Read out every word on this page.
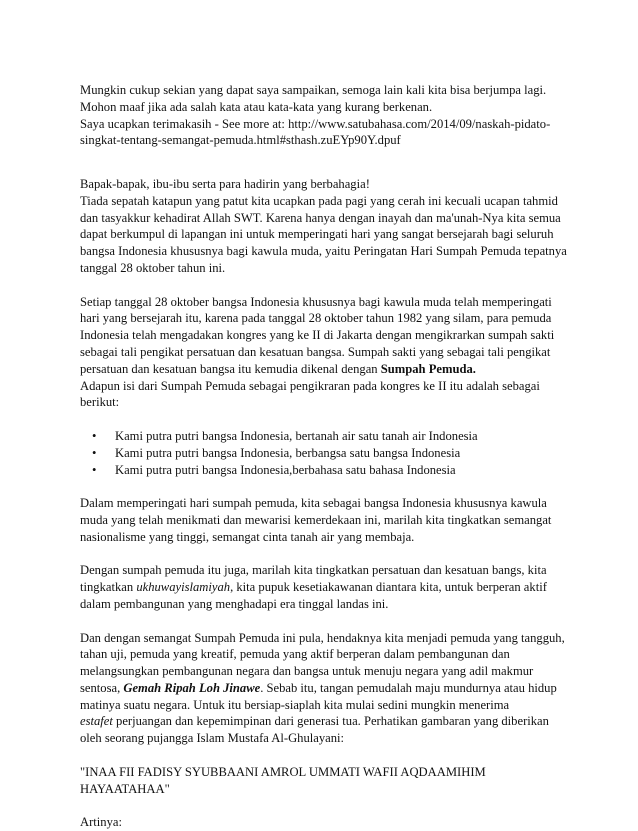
Mungkin cukup sekian yang dapat saya sampaikan, semoga lain kali kita bisa berjumpa lagi.
Mohon maaf jika ada salah kata atau kata-kata yang kurang berkenan.
Saya ucapkan terimakasih - See more at: http://www.satubahasa.com/2014/09/naskah-pidato-
singkat-tentang-semangat-pemuda.html#sthash.zuEYp90Y.dpuf

Bapak-bapak, ibu-ibu serta para hadirin yang berbahagia!
Tiada sepatah katapun yang patut kita ucapkan pada pagi yang cerah ini kecuali ucapan tahmid
dan tasyakkur kehadirat Allah SWT. Karena hanya dengan inayah dan ma'unah-Nya kita semua
dapat berkumpul di lapangan ini untuk memperingati hari yang sangat bersejarah bagi seluruh
bangsa Indonesia khususnya bagi kawula muda, yaitu Peringatan Hari Sumpah Pemuda tepatnya
tanggal 28 oktober tahun ini.

Setiap tanggal 28 oktober bangsa Indonesia khususnya bagi kawula muda telah memperingati
hari yang bersejarah itu, karena pada tanggal 28 oktober tahun 1982 yang silam, para pemuda
Indonesia telah mengadakan kongres yang ke II di Jakarta dengan mengikrarkan sumpah sakti
sebagai tali pengikat persatuan dan kesatuan bangsa. Sumpah sakti yang sebagai tali pengikat
persatuan dan kesatuan bangsa itu kemudia dikenal dengan Sumpah Pemuda.
Adapun isi dari Sumpah Pemuda sebagai pengikraran pada kongres ke II itu adalah sebagai
berikut:

• Kami putra putri bangsa Indonesia, bertanah air satu tanah air Indonesia
• Kami putra putri bangsa Indonesia, berbangsa satu bangsa Indonesia
• Kami putra putri bangsa Indonesia,berbahasa satu bahasa Indonesia

Dalam memperingati hari sumpah pemuda, kita sebagai bangsa Indonesia khususnya kawula
muda yang telah menikmati dan mewarisi kemerdekaan ini, marilah kita tingkatkan semangat
nasionalisme yang tinggi, semangat cinta tanah air yang membaja.

Dengan sumpah pemuda itu juga, marilah kita tingkatkan persatuan dan kesatuan bangs, kita
tingkatkan ukhuwayislamiyah, kita pupuk kesetiakawanan diantara kita, untuk berperan aktif
dalam pembangunan yang menghadapi era tinggal landas ini.

Dan dengan semangat Sumpah Pemuda ini pula, hendaknya kita menjadi pemuda yang tangguh,
tahan uji, pemuda yang kreatif, pemuda yang aktif berperan dalam pembangunan dan
melangsungkan pembangunan negara dan bangsa untuk menuju negara yang adil makmur
sentosa, Gemah Ripah Loh Jinawe. Sebab itu, tangan pemudalah maju mundurnya atau hidup
matinya suatu negara. Untuk itu bersiap-siaplah kita mulai sedini mungkin menerima
estafet perjuangan dan kepemimpinan dari generasi tua. Perhatikan gambaran yang diberikan
oleh seorang pujangga Islam Mustafa Al-Ghulayani:

"INAA FII FADISY SYUBBAANI AMROL UMMATI WAFII AQDAAMIHIM
HAYAATAHAA"

Artinya:
